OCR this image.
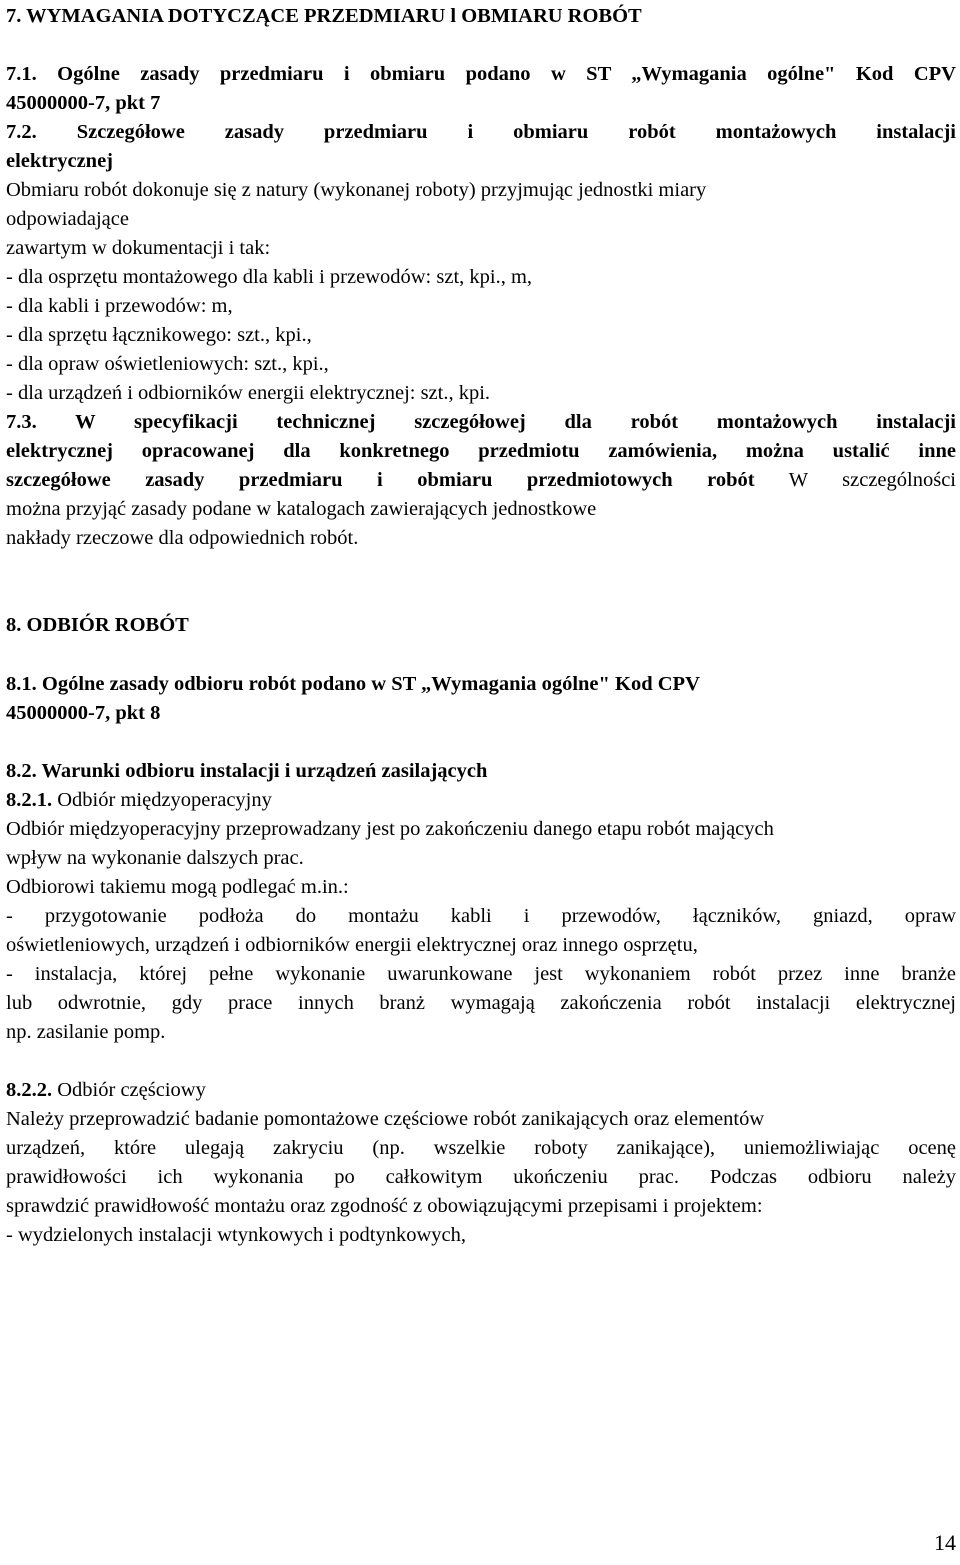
7. WYMAGANIA DOTYCZĄCE PRZEDMIARU l OBMIARU ROBÓT
7.1. Ogólne zasady przedmiaru i obmiaru podano w ST „Wymagania ogólne" Kod CPV
45000000-7, pkt 7
7.2. Szczegółowe zasady przedmiaru i obmiaru robót montażowych instalacji
elektrycznej
Obmiaru robót dokonuje się z natury (wykonanej roboty) przyjmując jednostki miary
odpowiadające
zawartym w dokumentacji i tak:
- dla osprzętu montażowego dla kabli i przewodów: szt, kpi., m,
- dla kabli i przewodów: m,
- dla sprzętu łącznikowego: szt., kpi.,
- dla opraw oświetleniowych: szt., kpi.,
- dla urządzeń i odbiorników energii elektrycznej: szt., kpi.
7.3. W specyfikacji technicznej szczegółowej dla robót montażowych instalacji
elektrycznej opracowanej dla konkretnego przedmiotu zamówienia, można ustalić inne
szczegółowe zasady przedmiaru i obmiaru przedmiotowych robót W szczególności
można przyjąć zasady podane w katalogach zawierających jednostkowe
nakłady rzeczowe dla odpowiednich robót.
8. ODBIÓR ROBÓT
8.1. Ogólne zasady odbioru robót podano w ST „Wymagania ogólne" Kod CPV
45000000-7, pkt 8
8.2. Warunki odbioru instalacji i urządzeń zasilających
8.2.1. Odbiór międzyoperacyjny
Odbiór międzyoperacyjny przeprowadzany jest po zakończeniu danego etapu robót mających
wpływ na wykonanie dalszych prac.
Odbiorowi takiemu mogą podlegać m.in.:
- przygotowanie podłoża do montażu kabli i przewodów, łączników, gniazd, opraw
oświetleniowych, urządzeń i odbiorników energii elektrycznej oraz innego osprzętu,
- instalacja, której pełne wykonanie uwarunkowane jest wykonaniem robót przez inne branże
lub odwrotnie, gdy prace innych branż wymagają zakończenia robót instalacji elektrycznej
np. zasilanie pomp.
8.2.2. Odbiór częściowy
Należy przeprowadzić badanie pomontażowe częściowe robót zanikających oraz elementów
urządzeń, które ulegają zakryciu (np. wszelkie roboty zanikające), uniemożliwiając ocenę
prawidłowości ich wykonania po całkowitym ukończeniu prac. Podczas odbioru należy
sprawdzić prawidłowość montażu oraz zgodność z obowiązującymi przepisami i projektem:
- wydzielonych instalacji wtynkowych i podtynkowych,
14
